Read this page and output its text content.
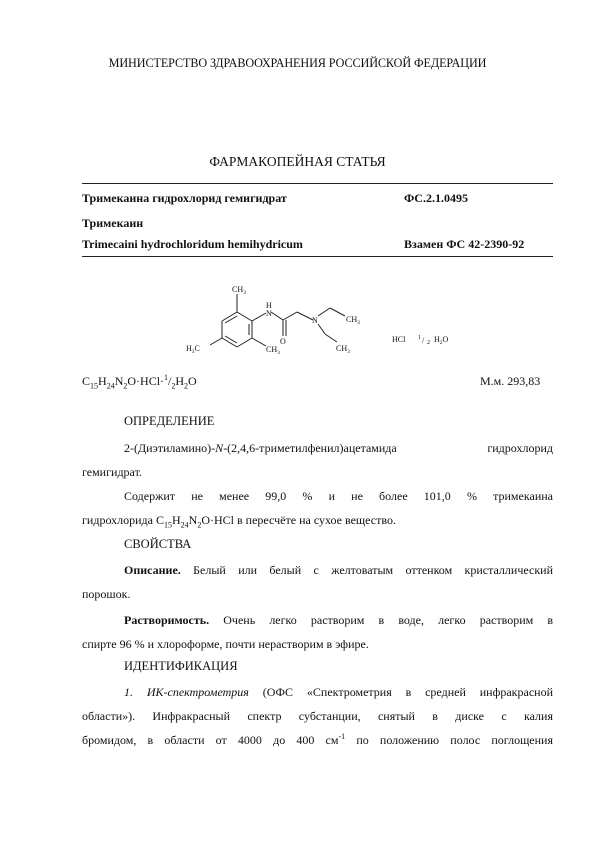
МИНИСТЕРСТВО ЗДРАВООХРАНЕНИЯ РОССИЙСКОЙ ФЕДЕРАЦИИ
ФАРМАКОПЕЙНАЯ СТАТЬЯ
Тримекаина гидрохлорид гемигидрат	ФС.2.1.0495
Тримекаин
Trimecaini hydrochloridum hemihydricum	Взамен ФС 42-2390-92
$CH_3$
H
N
O
N	$CH_3$
$CH_3$
$CH_3$
$H_3C$
HCl 1 / 2 $H_2O$
$C_{15}H_{24}N_2O\cdot HCl\cdot^1/_2H_2O$	М.м. 293,83
ОПРЕДЕЛЕНИЕ
2-(Диэтиламино)-N-(2,4,6-триметилфенил)ацетамида гидрохлорид
гемигидрат.
Содержит не менее 99,0 % и не более 101,0 % тримекаина
гидрохлорида $C_{15}H_{24}N_2O\cdot HCl$ в пересчёте на сухое вещество.
СВОЙСТВА
Описание. Белый или белый с желтоватым оттенком кристаллический
порошок.
Растворимость. Очень легко растворим в воде, легко растворим в
спирте 96 % и хлороформе, почти нерастворим в эфире.
ИДЕНТИФИКАЦИЯ
1. ИК-спектрометрия (ОФС «Спектрометрия в средней инфракрасной
области»). Инфракрасный спектр субстанции, снятый в диске с калия
бромидом, в области от 4000 до 400 $см^{-1}$ по положению полос поглощения
